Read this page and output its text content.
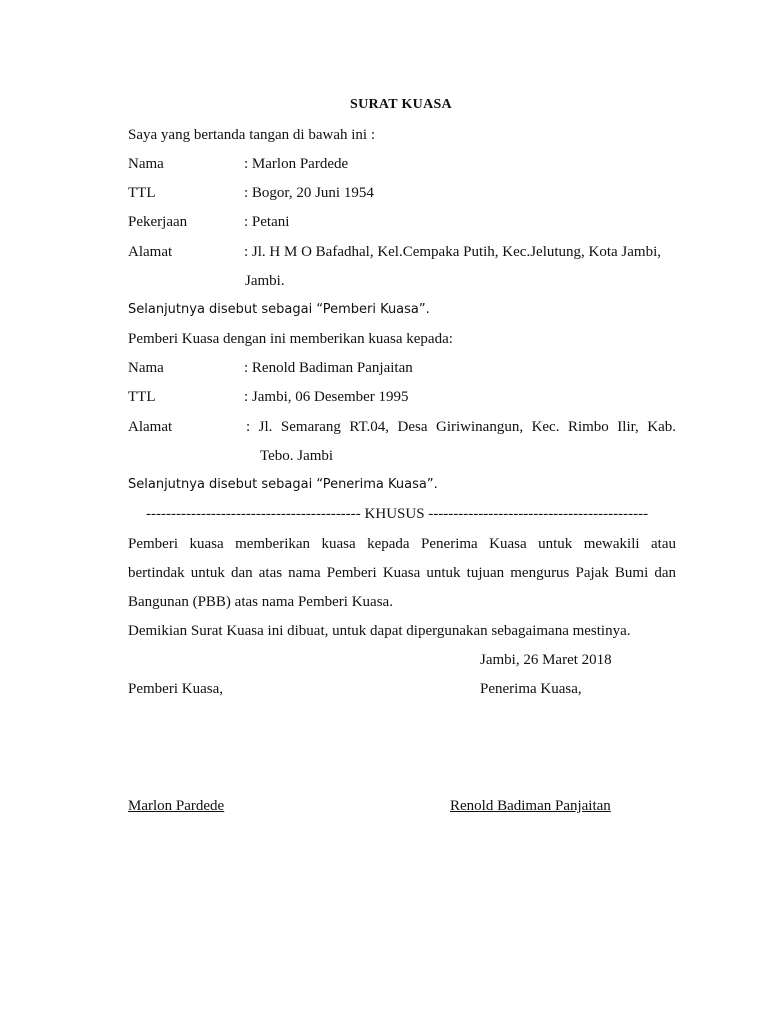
SURAT KUASA
Saya yang bertanda tangan di bawah ini :
Nama	: Marlon Pardede
TTL	: Bogor, 20 Juni 1954
Pekerjaan	: Petani
Alamat	: Jl. H M O Bafadhal, Kel.Cempaka Putih, Kec.Jelutung, Kota Jambi,
Jambi.
Selanjutnya disebut sebagai “Pemberi Kuasa”.
Pemberi Kuasa dengan ini memberikan kuasa kepada:
Nama	: Renold Badiman Panjaitan
TTL	: Jambi, 06 Desember 1995
Alamat	: Jl. Semarang RT.04, Desa Giriwinangun, Kec. Rimbo Ilir, Kab.
Tebo. Jambi
Selanjutnya disebut sebagai “Penerima Kuasa”.
------------------------------------------- KHUSUS --------------------------------------------
Pemberi kuasa memberikan kuasa kepada Penerima Kuasa untuk mewakili atau
bertindak untuk dan atas nama Pemberi Kuasa untuk tujuan mengurus Pajak Bumi dan
Bangunan (PBB) atas nama Pemberi Kuasa.
Demikian Surat Kuasa ini dibuat, untuk dapat dipergunakan sebagaimana mestinya.
Jambi, 26 Maret 2018
Pemberi Kuasa,	Penerima Kuasa,
Marlon Pardede	Renold Badiman Panjaitan
